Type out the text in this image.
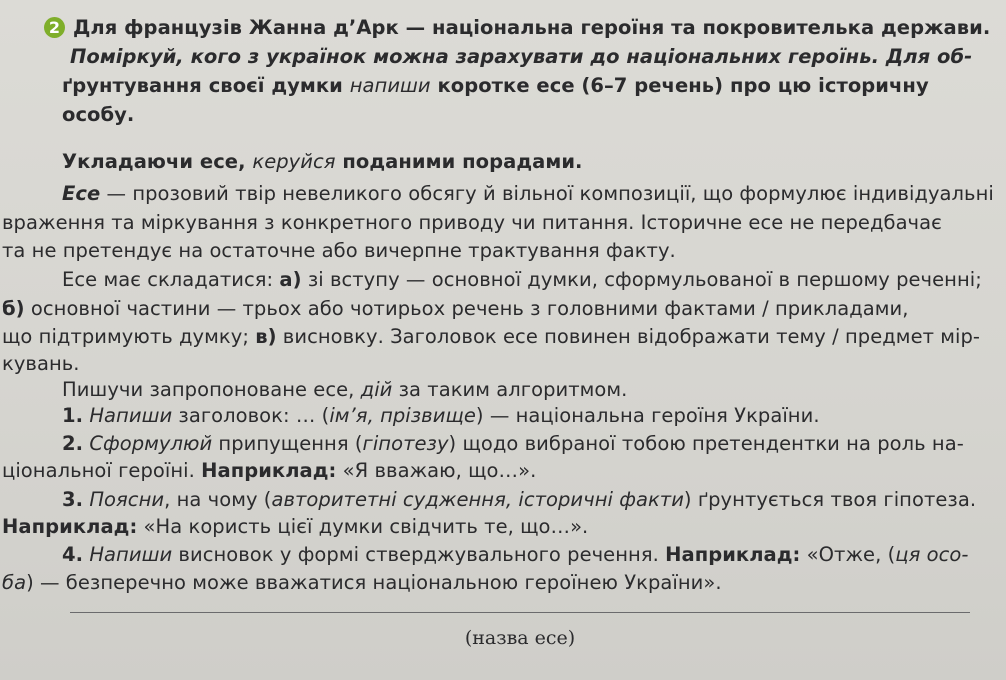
2 Для французів Жанна д’Арк — національна героїня та покровителька держави.
Поміркуй, кого з українок можна зарахувати до національних героїнь. Для об-
ґрунтування своєї думки напиши коротке есе (6–7 речень) про цю історичну
особу.
Укладаючи есе, керуйся поданими порадами.
Есе — прозовий твір невеликого обсягу й вільної композиції, що формулює індивідуальні
враження та міркування з конкретного приводу чи питання. Історичне есе не передбачає
та не претендує на остаточне або вичерпне трактування факту.
Есе має складатися: а) зі вступу — основної думки, сформульованої в першому реченні;
б) основної частини — трьох або чотирьох речень з головними фактами / прикладами,
що підтримують думку; в) висновку. Заголовок есе повинен відображати тему / предмет мір-
кувань.
Пишучи запропоноване есе, дій за таким алгоритмом.
1. Напиши заголовок: … (ім’я, прізвище) — національна героїня України.
2. Сформулюй припущення (гіпотезу) щодо вибраної тобою претендентки на роль на-
ціональної героїні. Наприклад: «Я вважаю, що…».
3. Поясни, на чому (авторитетні судження, історичні факти) ґрунтується твоя гіпотеза.
Наприклад: «На користь цієї думки свідчить те, що…».
4. Напиши висновок у формі стверджувального речення. Наприклад: «Отже, (ця осо-
ба) — безперечно може вважатися національною героїнею України».
(назва есе)
